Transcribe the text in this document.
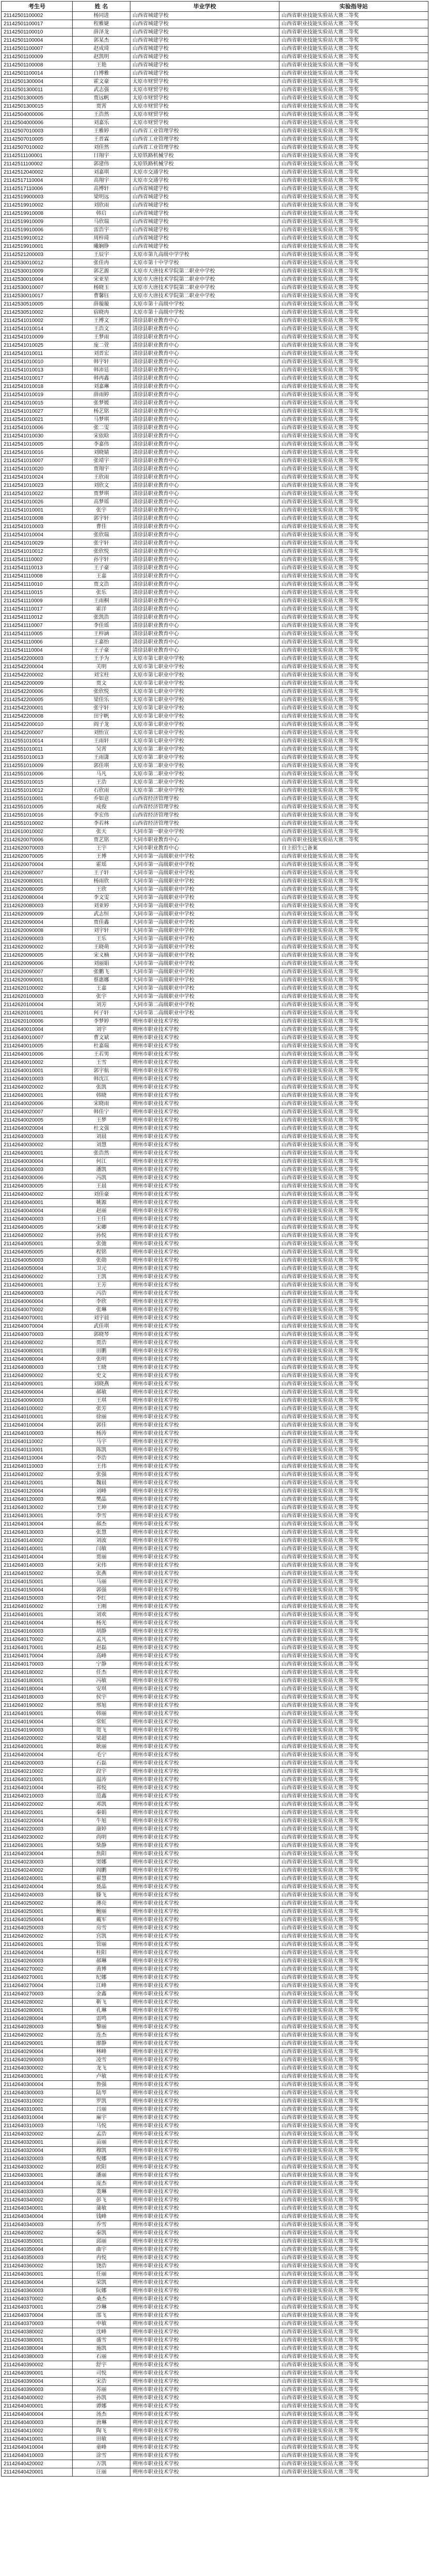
考生号	姓 名	毕业学校	实验指导站
21142501100002	杨同进	山西省城建学校	山西省职业技能实验站大赛二等奖
21142501100017	程雅婕	山西省城建学校	山西省职业技能实验站大赛二等奖
21142501100010	薛泽龙	山西省城建学校	山西省职业技能实验站大赛二等奖
21142501100004	郭某杰	山西省城建学校	山西省职业技能实验站大赛二等奖
21142501100007	赵成琦	山西省城建学校	山西省职业技能实验站大赛二等奖
21142501100009	赵凯明	山西省城建学校	山西省职业技能实验站大赛二等奖
21142501100008	王艳	山西省城建学校	山西省职业技能实验站大赛一等奖
21142501100014	白博雅	山西省城建学校	山西省职业技能实验站大赛二等奖
21142501300004	霍文豪	太原市财贸学校	山西省职业技能实验站大赛二等奖
21142501300011	武志强	太原市财贸学校	山西省职业技能实验站大赛二等奖
21142501300005	贾远帆	太原市财贸学校	山西省职业技能实验站大赛二等奖
21142501300015	贾霄	太原市财贸学校	山西省职业技能实验站大赛二等奖
21142504000006	王浩然	太原市财贸学校	山西省职业技能实验站大赛二等奖
21142504000006	刘嘉乐	太原市财贸学校	山西省职业技能实验站大赛二等奖
21142507010003	王雅婷	山西省工业管理学校	山西省职业技能实验站大赛二等奖
21142507010005	王晋霖	山西省工业管理学校	山西省职业技能实验站大赛二等奖
21142507010002	刘佳然	山西省工业管理学校	山西省职业技能实验站大赛二等奖
21142511100001	曰翔宇	太原铁路机械学校	山西省职业技能实验站大赛二等奖
21142511100002	郭建伟	太原铁路机械学校	山西省职业技能实验站大赛二等奖
21142512040002	刘嘉琪	太原市交通学校	山西省职业技能实验站大赛二等奖
21142517110004	高翔宇	太原市交通学校	山西省职业技能实验站大赛二等奖
21142517110006	高博轩	山西省城建学校	山西省职业技能实验站大赛二等奖
21142519900003	梁明远	山西省城建学校	山西省职业技能实验站大赛二等奖
21142519910002	刘欣雨	山西省城建学校	山西省职业技能实验站大赛二等奖
21142519910008	韩启	山西省城建学校	山西省职业技能实验站大赛二等奖
21142519910009	马欣瑞	山西省城建学校	山西省职业技能实验站大赛二等奖
21142519910006	雷浩宇	山西省城建学校	山西省职业技能实验站大赛二等奖
21142519910012	周梓琦	山西省城建学校	山西省职业技能实验站大赛二等奖
21142519910001	曦娴铮	山西省城建学校	山西省职业技能实验站大赛二等奖
21142521200003	王辰宇	太原市第九高级中学学校	山西省职业技能实验站大赛二等奖
21142530010012	张佳冉	太原市第十中学学校	山西省职业技能实验站大赛二等奖
21142530010009	郭艺源	太原市大唐技术学院第二职业中学校	山西省职业技能实验站大赛二等奖
21142530010004	宋亚星	太原市大唐技术学院第二职业中学校	山西省职业技能实验站大赛二等奖
21142530010007	杨晓玉	太原市大唐技术学院第二职业中学校	山西省职业技能实验站大赛二等奖
21142530010017	曹馨钰	太原市大唐技术学院第二职业中学校	山西省职业技能实验站大赛二等奖
21142530510005	薛璇璇	太原市第十高级中学校	山西省职业技能实验站大赛二等奖
21142530510002	宿晓冉	太原市第十高级中学校	山西省职业技能实验站大赛二等奖
21142541010002	王博文	清徐县职业教育中心	山西省职业技能实验站大赛二等奖
21142541010014	王浩文	清徐县职业教育中心	山西省职业技能实验站大赛二等奖
21142541010009	王梦雨	清徐县职业教育中心	山西省职业技能实验站大赛二等奖
21142541010025	庞二萱	清徐县职业教育中心	山西省职业技能实验站大赛二等奖
21142541010011	刘晋宏	清徐县职业教育中心	山西省职业技能实验站大赛二等奖
21142541010010	韩宇轩	清徐县职业教育中心	山西省职业技能实验站大赛二等奖
21142541010013	韩沛廷	清徐县职业教育中心	山西省职业技能实验站大赛二等奖
21142541010017	韩再鑫	清徐县职业教育中心	山西省职业技能实验站大赛二等奖
21142541010018	刘嘉琳	清徐县职业教育中心	山西省职业技能实验站大赛二等奖
21142541010019	薛雨婷	清徐县职业教育中心	山西省职业技能实验站大赛二等奖
21142541010015	张梦媛	清徐县职业教育中心	山西省职业技能实验站大赛二等奖
21142541010027	杨艺铭	清徐县职业教育中心	山西省职业技能实验站大赛二等奖
21142541010021	马梦琪	清徐县职业教育中心	山西省职业技能实验站大赛二等奖
21142541010006	张二雯	清徐县职业教育中心	山西省职业技能实验站大赛二等奖
21142541010030	宋依晗	清徐县职业教育中心	山西省职业技能实验站大赛二等奖
21142541010005	李嘉伟	清徐县职业教育中心	山西省职业技能实验站大赛二等奖
21142541010016	刘晓婧	清徐县职业教育中心	山西省职业技能实验站大赛二等奖
21142541010007	张靖宇	清徐县职业教育中心	山西省职业技能实验站大赛二等奖
21142541010020	贾翔宇	清徐县职业教育中心	山西省职业技能实验站大赛二等奖
21142541010024	王欣雨	清徐县职业教育中心	山西省职业技能实验站大赛二等奖
21142541010023	刘欣文	清徐县职业教育中心	山西省职业技能实验站大赛二等奖
21142541010022	贾梦琪	清徐县职业教育中心	山西省职业技能实验站大赛二等奖
21142541010026	高梦瑶	清徐县职业教育中心	山西省职业技能实验站大赛二等奖
21142541010001	张宇	清徐县职业教育中心	山西省职业技能实验站大赛二等奖
21142541010008	郭宇轩	清徐县职业教育中心	山西省职业技能实验站大赛二等奖
21142541010003	曹佳	清徐县职业教育中心	山西省职业技能实验站大赛二等奖
21142541010004	张欣瑞	清徐县职业教育中心	山西省职业技能实验站大赛二等奖
21142541010029	张宇轩	清徐县职业教育中心	山西省职业技能实验站大赛二等奖
21142541010012	张欣悦	清徐县职业教育中心	山西省职业技能实验站大赛二等奖
21142541110002	孙宇轩	清徐县职业教育中心	山西省职业技能实验站大赛二等奖
21142541110013	王子豪	清徐县职业教育中心	山西省职业技能实验站大赛二等奖
21142541110008	王嘉	清徐县职业教育中心	山西省职业技能实验站大赛二等奖
21142541110010	贾文浩	清徐县职业教育中心	山西省职业技能实验站大赛二等奖
21142541110015	张乐	清徐县职业教育中心	山西省职业技能实验站大赛二等奖
21142541110009	王雨桐	清徐县职业教育中心	山西省职业技能实验站大赛二等奖
21142541110017	霍洋	清徐县职业教育中心	山西省职业技能实验站大赛二等奖
21142541110012	张凯浩	清徐县职业教育中心	山西省职业技能实验站大赛二等奖
21142541110007	李佳瑶	清徐县职业教育中心	山西省职业技能实验站大赛二等奖
21142541110005	王梓涵	清徐县职业教育中心	山西省职业技能实验站大赛二等奖
21142541110006	王嘉怡	清徐县职业教育中心	山西省职业技能实验站大赛二等奖
21142541110004	王子豪	清徐县职业教育中心	山西省职业技能实验站大赛二等奖
21142542200003	王予为	太原市第七职业中学校	山西省职业技能实验站大赛二等奖
21142542200004	关明	太原市第七职业中学校	山西省职业技能实验站大赛二等奖
21142542200002	刘宝柱	太原市第七职业中学校	山西省职业技能实验站大赛二等奖
21142542200009	贾文	太原市第七职业中学校	山西省职业技能实验站大赛二等奖
21142542200006	张欣悦	太原市第七职业中学校	山西省职业技能实验站大赛二等奖
21142542200005	梁佳乐	太原市第七职业中学校	山西省职业技能实验站大赛二等奖
21142542200001	张宇轩	太原市第七职业中学校	山西省职业技能实验站大赛二等奖
21142542200008	田宇帆	太原市第七职业中学校	山西省职业技能实验站大赛二等奖
21142542200010	阎子龙	太原市第七职业中学校	山西省职业技能实验站大赛二等奖
21142542200007	刘怡宣	太原市第七职业中学校	山西省职业技能实验站大赛二等奖
21142551010014	王雨轩	太原市第七职业中学校	山西省职业技能实验站大赛二等奖
21142551010011	吴霄	太原市第二职业中学校	山西省职业技能实验站大赛二等奖
21142551010013	王雨潇	太原市第二职业中学校	山西省职业技能实验站大赛二等奖
21142551010009	郭佳琪	太原市第二职业中学校	山西省职业技能实验站大赛二等奖
21142551010006	马凡	太原市第二职业中学校	山西省职业技能实验站大赛二等奖
21142551010015	王浩	太原市第二职业中学校	山西省职业技能实验站大赛二等奖
21142551010012	石欣雨	太原市第二职业中学校	山西省职业技能实验站大赛二等奖
21142551010001	乔如意	山西省经济管理学校	山西省职业技能实验站大赛二等奖
21142551010005	成俊	山西省经济管理学校	山西省职业技能实验站大赛二等奖
21142551010016	李宏伟	山西省经济管理学校	山西省职业技能实验站大赛二等奖
21142551010002	李若林	山西省经济管理学校	山西省职业技能实验站大赛二等奖
21142610010002	张天	大同市第一职业中学校	山西省职业技能实验站大赛二等奖
21142620070006	贾艺铭	大同市职业教育中心	山西省职业技能实验站大赛二等奖
21142620070003	王宇	大同市职业教育中心	自主招生已备案
21142620070005	王博	大同市第一高级职业中学校	山西省职业技能实验站大赛二等奖
21142620070004	霍瑶	大同市第一高级职业中学校	山西省职业技能实验站大赛二等奖
21142620080007	王子轩	大同市第一高级职业中学校	山西省职业技能实验站大赛二等奖
21142620080001	杨雨欣	大同市第一高级职业中学校	山西省职业技能实验站大赛二等奖
21142620080005	王欣	大同市第一高级职业中学校	山西省职业技能实验站大赛二等奖
21142620080004	李文雯	大同市第一高级职业中学校	山西省职业技能实验站大赛二等奖
21142620080003	刘亚婷	大同市第一高级职业中学校	山西省职业技能实验站大赛二等奖
21142620090009	武志恒	大同市第一高级职业中学校	山西省职业技能实验站大赛二等奖
21142620090004	贾佳鑫	大同市第一高级职业中学校	山西省职业技能实验站大赛二等奖
21142620090008	刘宇轩	大同市第一高级职业中学校	山西省职业技能实验站大赛二等奖
21142620090003	王乐	大同市第一高级职业中学校	山西省职业技能实验站大赛二等奖
21142620090002	王晓萌	大同市第一高级职业中学校	山西省职业技能实验站大赛二等奖
21142620090005	宋义楠	大同市第一高级职业中学校	山西省职业技能实验站大赛二等奖
21142620090006	刘丽娟	大同市第一高级职业中学校	山西省职业技能实验站大赛二等奖
21142620090007	张鹏飞	大同市第一高级职业中学校	山西省职业技能实验站大赛二等奖
21142620090001	蔡惠娜	大同市第一高级职业中学校	山西省职业技能实验站大赛二等奖
21142620100002	王嘉	大同市第一高级职业中学校	山西省职业技能实验站大赛二等奖
21142620100003	张宇	大同市第一高级职业中学校	山西省职业技能实验站大赛二等奖
21142620100004	刘芳	大同市第二高级职业中学校	山西省职业技能实验站大赛二等奖
21142620100001	何子轩	大同市第二高级职业中学校	山西省职业技能实验站大赛二等奖
21142620100006	李梦婷	朔州市职业技术学校	山西省职业技能实验站大赛二等奖
21142640010004	刘宇	朔州市职业技术学校	山西省职业技能实验站大赛二等奖
21142640010007	曹文斌	朔州市职业技术学校	山西省职业技能实验站大赛二等奖
21142640010005	杜嘉瑞	朔州市职业技术学校	山西省职业技能实验站大赛二等奖
21142640010006	王若男	朔州市职业技术学校	山西省职业技能实验站大赛二等奖
21142640010002	王雪	朔州市职业技术学校	山西省职业技能实验站大赛二等奖
21142640010001	郭宇航	朔州市职业技术学校	山西省职业技能实验站大赛二等奖
21142640010003	韩沈江	朔州市职业技术学校	山西省职业技能实验站大赛二等奖
21142640020002	张凯	朔州市职业技术学校	山西省职业技能实验站大赛二等奖
21142640020001	韩晓	朔州市职业技术学校	山西省职业技能实验站大赛二等奖
21142640020006	宋晓雨	朔州市职业技术学校	山西省职业技能实验站大赛二等奖
21142640020007	韩佳宁	朔州市职业技术学校	山西省职业技能实验站大赛二等奖
21142640020005	王梦	朔州市职业技术学校	山西省职业技能实验站大赛二等奖
21142640020004	杜文强	朔州市职业技术学校	山西省职业技能实验站大赛二等奖
21142640020003	刘晨	朔州市职业技术学校	山西省职业技能实验站大赛二等奖
21142640030002	刘慧	朔州市职业技术学校	山西省职业技能实验站大赛二等奖
21142640030001	张浩然	朔州市职业技术学校	山西省职业技能实验站大赛二等奖
21142640030004	何江	朔州市职业技术学校	山西省职业技能实验站大赛二等奖
21142640030003	潘凯	朔州市职业技术学校	山西省职业技能实验站大赛二等奖
21142640030006	冯凯	朔州市职业技术学校	山西省职业技能实验站大赛二等奖
21142640030005	王晨	朔州市职业技术学校	山西省职业技能实验站大赛二等奖
21142640040002	刘佳豪	朔州市职业技术学校	山西省职业技能实验站大赛二等奖
21142640040001	姚源	朔州市职业技术学校	山西省职业技能实验站大赛二等奖
21142640040004	赵丽	朔州市职业技术学校	山西省职业技能实验站大赛二等奖
21142640040003	王佳	朔州市职业技术学校	山西省职业技能实验站大赛二等奖
21142640040005	宋卿	朔州市职业技术学校	山西省职业技能实验站大赛二等奖
21142640050002	孙悦	朔州市职业技术学校	山西省职业技能实验站大赛二等奖
21142640050001	张弛	朔州市职业技术学校	山西省职业技能实验站大赛二等奖
21142640050005	程铭	朔州市职业技术学校	山西省职业技能实验站大赛二等奖
21142640050003	张勋	朔州市职业技术学校	山西省职业技能实验站大赛二等奖
21142640050004	卫元	朔州市职业技术学校	山西省职业技能实验站大赛二等奖
21142640060002	王凯	朔州市职业技术学校	山西省职业技能实验站大赛二等奖
21142640060001	王芳	朔州市职业技术学校	山西省职业技能实验站大赛二等奖
21142640060003	冯浩	朔州市职业技术学校	山西省职业技能实验站大赛二等奖
21142640060004	李欣	朔州市职业技术学校	山西省职业技能实验站大赛二等奖
21142640070002	张琳	朔州市职业技术学校	山西省职业技能实验站大赛二等奖
21142640070001	刘宇晨	朔州市职业技术学校	山西省职业技能实验站大赛二等奖
21142640070004	武佳琪	朔州市职业技术学校	山西省职业技能实验站大赛二等奖
21142640070003	郭晓琴	朔州市职业技术学校	山西省职业技能实验站大赛二等奖
21142640080002	贾浩	朔州市职业技术学校	山西省职业技能实验站大赛二等奖
21142640080001	田鹏	朔州市职业技术学校	山西省职业技能实验站大赛二等奖
21142640080004	张明	朔州市职业技术学校	山西省职业技能实验站大赛二等奖
21142640080003	王晓	朔州市职业技术学校	山西省职业技能实验站大赛二等奖
21142640090002	史文	朔州市职业技术学校	山西省职业技能实验站大赛二等奖
21142640090001	刘晓燕	朔州市职业技术学校	山西省职业技能实验站大赛二等奖
21142640090004	郝敏	朔州市职业技术学校	山西省职业技能实验站大赛二等奖
21142640090003	王琪	朔州市职业技术学校	山西省职业技能实验站大赛二等奖
21142640100002	张芳	朔州市职业技术学校	山西省职业技能实验站大赛二等奖
21142640100001	徐丽	朔州市职业技术学校	山西省职业技能实验站大赛二等奖
21142640100004	郭佳	朔州市职业技术学校	山西省职业技能实验站大赛二等奖
21142640100003	杨涛	朔州市职业技术学校	山西省职业技能实验站大赛二等奖
21142640110002	马宇	朔州市职业技术学校	山西省职业技能实验站大赛二等奖
21142640110001	陈凯	朔州市职业技术学校	山西省职业技能实验站大赛二等奖
21142640110004	李浩	朔州市职业技术学校	山西省职业技能实验站大赛二等奖
21142640110003	王伟	朔州市职业技术学校	山西省职业技能实验站大赛二等奖
21142640120002	张强	朔州市职业技术学校	山西省职业技能实验站大赛二等奖
21142640120001	魏晨	朔州市职业技术学校	山西省职业技能实验站大赛二等奖
21142640120004	刘峰	朔州市职业技术学校	山西省职业技能实验站大赛二等奖
21142640120003	樊晶	朔州市职业技术学校	山西省职业技能实验站大赛二等奖
21142640130002	王坤	朔州市职业技术学校	山西省职业技能实验站大赛二等奖
21142640130001	李雪	朔州市职业技术学校	山西省职业技能实验站大赛二等奖
21142640130004	郝杰	朔州市职业技术学校	山西省职业技能实验站大赛二等奖
21142640130003	张慧	朔州市职业技术学校	山西省职业技能实验站大赛二等奖
21142640140002	刘波	朔州市职业技术学校	山西省职业技能实验站大赛二等奖
21142640140001	闫敏	朔州市职业技术学校	山西省职业技能实验站大赛二等奖
21142640140004	贾丽	朔州市职业技术学校	山西省职业技能实验站大赛二等奖
21142640140003	宋伟	朔州市职业技术学校	山西省职业技能实验站大赛二等奖
21142640150002	张燕	朔州市职业技术学校	山西省职业技能实验站大赛二等奖
21142640150001	马丽	朔州市职业技术学校	山西省职业技能实验站大赛二等奖
21142640150004	郭强	朔州市职业技术学校	山西省职业技能实验站大赛二等奖
21142640150003	李红	朔州市职业技术学校	山西省职业技能实验站大赛二等奖
21142640160002	王刚	朔州市职业技术学校	山西省职业技能实验站大赛二等奖
21142640160001	刘欢	朔州市职业技术学校	山西省职业技能实验站大赛二等奖
21142640160004	杨光	朔州市职业技术学校	山西省职业技能实验站大赛二等奖
21142640160003	胡静	朔州市职业技术学校	山西省职业技能实验站大赛二等奖
21142640170002	孟凡	朔州市职业技术学校	山西省职业技能实验站大赛二等奖
21142640170001	赵磊	朔州市职业技术学校	山西省职业技能实验站大赛二等奖
21142640170004	高峰	朔州市职业技术学校	山西省职业技能实验站大赛二等奖
21142640170003	宁静	朔州市职业技术学校	山西省职业技能实验站大赛二等奖
21142640180002	任杰	朔州市职业技术学校	山西省职业技能实验站大赛二等奖
21142640180001	冯敏	朔州市职业技术学校	山西省职业技能实验站大赛二等奖
21142640180004	安琪	朔州市职业技术学校	山西省职业技能实验站大赛二等奖
21142640180003	侯宇	朔州市职业技术学校	山西省职业技能实验站大赛二等奖
21142640190002	邢旭	朔州市职业技术学校	山西省职业技能实验站大赛二等奖
21142640190001	韩丽	朔州市职业技术学校	山西省职业技能实验站大赛二等奖
21142640190004	常虹	朔州市职业技术学校	山西省职业技能实验站大赛二等奖
21142640190003	贺飞	朔州市职业技术学校	山西省职业技能实验站大赛二等奖
21142640200002	梁超	朔州市职业技术学校	山西省职业技能实验站大赛二等奖
21142640200001	耿丽	朔州市职业技术学校	山西省职业技能实验站大赛二等奖
21142640200004	毛宁	朔州市职业技术学校	山西省职业技能实验站大赛二等奖
21142640200003	石磊	朔州市职业技术学校	山西省职业技能实验站大赛二等奖
21142640210002	段宇	朔州市职业技术学校	山西省职业技能实验站大赛二等奖
21142640210001	温涛	朔州市职业技术学校	山西省职业技能实验站大赛二等奖
21142640210004	祁悦	朔州市职业技术学校	山西省职业技能实验站大赛二等奖
21142640210003	范鑫	朔州市职业技术学校	山西省职业技能实验站大赛二等奖
21142640220002	邓凯	朔州市职业技术学校	山西省职业技能实验站大赛二等奖
21142640220001	秦娟	朔州市职业技术学校	山西省职业技能实验站大赛二等奖
21142640220004	牛旭	朔州市职业技术学校	山西省职业技能实验站大赛二等奖
21142640220003	康婷	朔州市职业技术学校	山西省职业技能实验站大赛二等奖
21142640230002	尚明	朔州市职业技术学校	山西省职业技能实验站大赛二等奖
21142640230001	柴静	朔州市职业技术学校	山西省职业技能实验站大赛二等奖
21142640230004	焦阳	朔州市职业技术学校	山西省职业技能实验站大赛二等奖
21142640230003	窦娜	朔州市职业技术学校	山西省职业技能实验站大赛二等奖
21142640240002	阎鹏	朔州市职业技术学校	山西省职业技能实验站大赛二等奖
21142640240001	翟慧	朔州市职业技术学校	山西省职业技能实验站大赛二等奖
21142640240004	聂晶	朔州市职业技术学校	山西省职业技能实验站大赛二等奖
21142640240003	滕飞	朔州市职业技术学校	山西省职业技能实验站大赛二等奖
21142640250002	薄亮	朔州市职业技术学校	山西省职业技能实验站大赛二等奖
21142640250001	鲍丽	朔州市职业技术学校	山西省职业技能实验站大赛二等奖
21142640250004	戴军	朔州市职业技术学校	山西省职业技能实验站大赛二等奖
21142640250003	房雪	朔州市职业技术学校	山西省职业技能实验站大赛二等奖
21142640260002	宫凯	朔州市职业技术学校	山西省职业技能实验站大赛二等奖
21142640260001	管丽	朔州市职业技术学校	山西省职业技能实验站大赛二等奖
21142640260004	桂阳	朔州市职业技术学校	山西省职业技能实验站大赛二等奖
21142640260003	郝琳	朔州市职业技术学校	山西省职业技能实验站大赛二等奖
21142640270002	黄博	朔州市职业技术学校	山西省职业技能实验站大赛二等奖
21142640270001	纪娜	朔州市职业技术学校	山西省职业技能实验站大赛二等奖
21142640270004	江峰	朔州市职业技术学校	山西省职业技能实验站大赛二等奖
21142640270003	金鑫	朔州市职业技术学校	山西省职业技能实验站大赛二等奖
21142640280002	靳飞	朔州市职业技术学校	山西省职业技能实验站大赛二等奖
21142640280001	孔琳	朔州市职业技术学校	山西省职业技能实验站大赛二等奖
21142640280004	雷鸣	朔州市职业技术学校	山西省职业技能实验站大赛二等奖
21142640280003	黎丽	朔州市职业技术学校	山西省职业技能实验站大赛二等奖
21142640290002	连杰	朔州市职业技术学校	山西省职业技能实验站大赛二等奖
21142640290001	廖静	朔州市职业技术学校	山西省职业技能实验站大赛二等奖
21142640290004	林峰	朔州市职业技术学校	山西省职业技能实验站大赛二等奖
21142640290003	凌雪	朔州市职业技术学校	山西省职业技能实验站大赛二等奖
21142640300002	龙飞	朔州市职业技术学校	山西省职业技能实验站大赛二等奖
21142640300001	卢敏	朔州市职业技术学校	山西省职业技能实验站大赛二等奖
21142640300004	鲁强	朔州市职业技术学校	山西省职业技能实验站大赛二等奖
21142640300003	陆琴	朔州市职业技术学校	山西省职业技能实验站大赛二等奖
21142640310002	罗凯	朔州市职业技术学校	山西省职业技能实验站大赛二等奖
21142640310001	吕丽	朔州市职业技术学校	山西省职业技能实验站大赛二等奖
21142640310004	麻宇	朔州市职业技术学校	山西省职业技能实验站大赛二等奖
21142640310003	马悦	朔州市职业技术学校	山西省职业技能实验站大赛二等奖
21142640320002	孟浩	朔州市职业技术学校	山西省职业技能实验站大赛二等奖
21142640320001	苗丽	朔州市职业技术学校	山西省职业技能实验站大赛二等奖
21142640320004	穆凯	朔州市职业技术学校	山西省职业技能实验站大赛二等奖
21142640320003	倪娜	朔州市职业技术学校	山西省职业技能实验站大赛二等奖
21142640330002	欧阳	朔州市职业技术学校	山西省职业技能实验站大赛二等奖
21142640330001	潘丽	朔州市职业技术学校	山西省职业技能实验站大赛二等奖
21142640330004	庞杰	朔州市职业技术学校	山西省职业技能实验站大赛二等奖
21142640330003	裴琳	朔州市职业技术学校	山西省职业技能实验站大赛二等奖
21142640340002	彭飞	朔州市职业技术学校	山西省职业技能实验站大赛二等奖
21142640340001	蒲敏	朔州市职业技术学校	山西省职业技能实验站大赛二等奖
21142640340004	钱峰	朔州市职业技术学校	山西省职业技能实验站大赛二等奖
21142640340003	乔雪	朔州市职业技术学校	山西省职业技能实验站大赛二等奖
21142640350002	秦凯	朔州市职业技术学校	山西省职业技能实验站大赛二等奖
21142640350001	邱丽	朔州市职业技术学校	山西省职业技能实验站大赛二等奖
21142640350004	曲宇	朔州市职业技术学校	山西省职业技能实验站大赛二等奖
21142640350003	冉悦	朔州市职业技术学校	山西省职业技能实验站大赛二等奖
21142640360002	饶浩	朔州市职业技术学校	山西省职业技能实验站大赛二等奖
21142640360001	任丽	朔州市职业技术学校	山西省职业技能实验站大赛二等奖
21142640360004	荣凯	朔州市职业技术学校	山西省职业技能实验站大赛二等奖
21142640360003	阮娜	朔州市职业技术学校	山西省职业技能实验站大赛二等奖
21142640370002	桑杰	朔州市职业技术学校	山西省职业技能实验站大赛二等奖
21142640370001	沙琳	朔州市职业技术学校	山西省职业技能实验站大赛二等奖
21142640370004	邵飞	朔州市职业技术学校	山西省职业技能实验站大赛二等奖
21142640370003	申敏	朔州市职业技术学校	山西省职业技能实验站大赛二等奖
21142640380002	沈峰	朔州市职业技术学校	山西省职业技能实验站大赛二等奖
21142640380001	盛雪	朔州市职业技术学校	山西省职业技能实验站大赛二等奖
21142640380004	施凯	朔州市职业技术学校	山西省职业技能实验站大赛二等奖
21142640380003	石丽	朔州市职业技术学校	山西省职业技能实验站大赛二等奖
21142640390002	舒宇	朔州市职业技术学校	山西省职业技能实验站大赛二等奖
21142640390001	司悦	朔州市职业技术学校	山西省职业技能实验站大赛二等奖
21142640390004	宋浩	朔州市职业技术学校	山西省职业技能实验站大赛二等奖
21142640390003	苏丽	朔州市职业技术学校	山西省职业技能实验站大赛二等奖
21142640400002	孙凯	朔州市职业技术学校	山西省职业技能实验站大赛二等奖
21142640400001	谭娜	朔州市职业技术学校	山西省职业技能实验站大赛二等奖
21142640400004	汤杰	朔州市职业技术学校	山西省职业技能实验站大赛二等奖
21142640400003	唐琳	朔州市职业技术学校	山西省职业技能实验站大赛二等奖
21142640410002	陶飞	朔州市职业技术学校	山西省职业技能实验站大赛二等奖
21142640410001	田敏	朔州市职业技术学校	山西省职业技能实验站大赛二等奖
21142640410004	童峰	朔州市职业技术学校	山西省职业技能实验站大赛二等奖
21142640410003	涂雪	朔州市职业技术学校	山西省职业技能实验站大赛二等奖
21142640420002	万凯	朔州市职业技术学校	山西省职业技能实验站大赛二等奖
21142640420001	汪丽	朔州市职业技术学校	山西省职业技能实验站大赛二等奖
